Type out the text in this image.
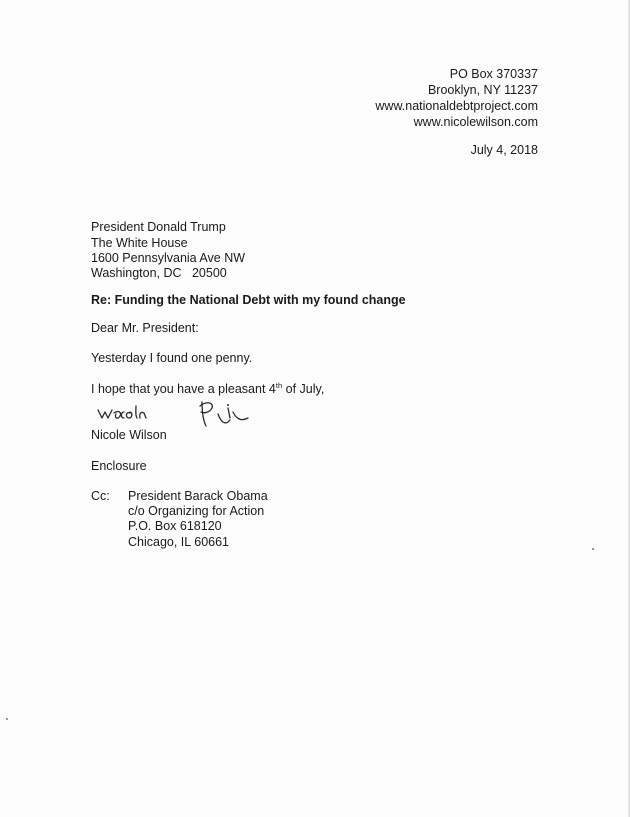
PO Box 370337
Brooklyn, NY 11237
www.nationaldebtproject.com
www.nicolewilson.com
July 4, 2018
President Donald Trump
The White House
1600 Pennsylvania Ave NW
Washington, DC   20500
Re: Funding the National Debt with my found change
Dear Mr. President:
Yesterday I found one penny.
I hope that you have a pleasant 4th of July,
Nicole Wilson
Enclosure
Cc: President Barack Obama
c/o Organizing for Action
P.O. Box 618120
Chicago, IL 60661
